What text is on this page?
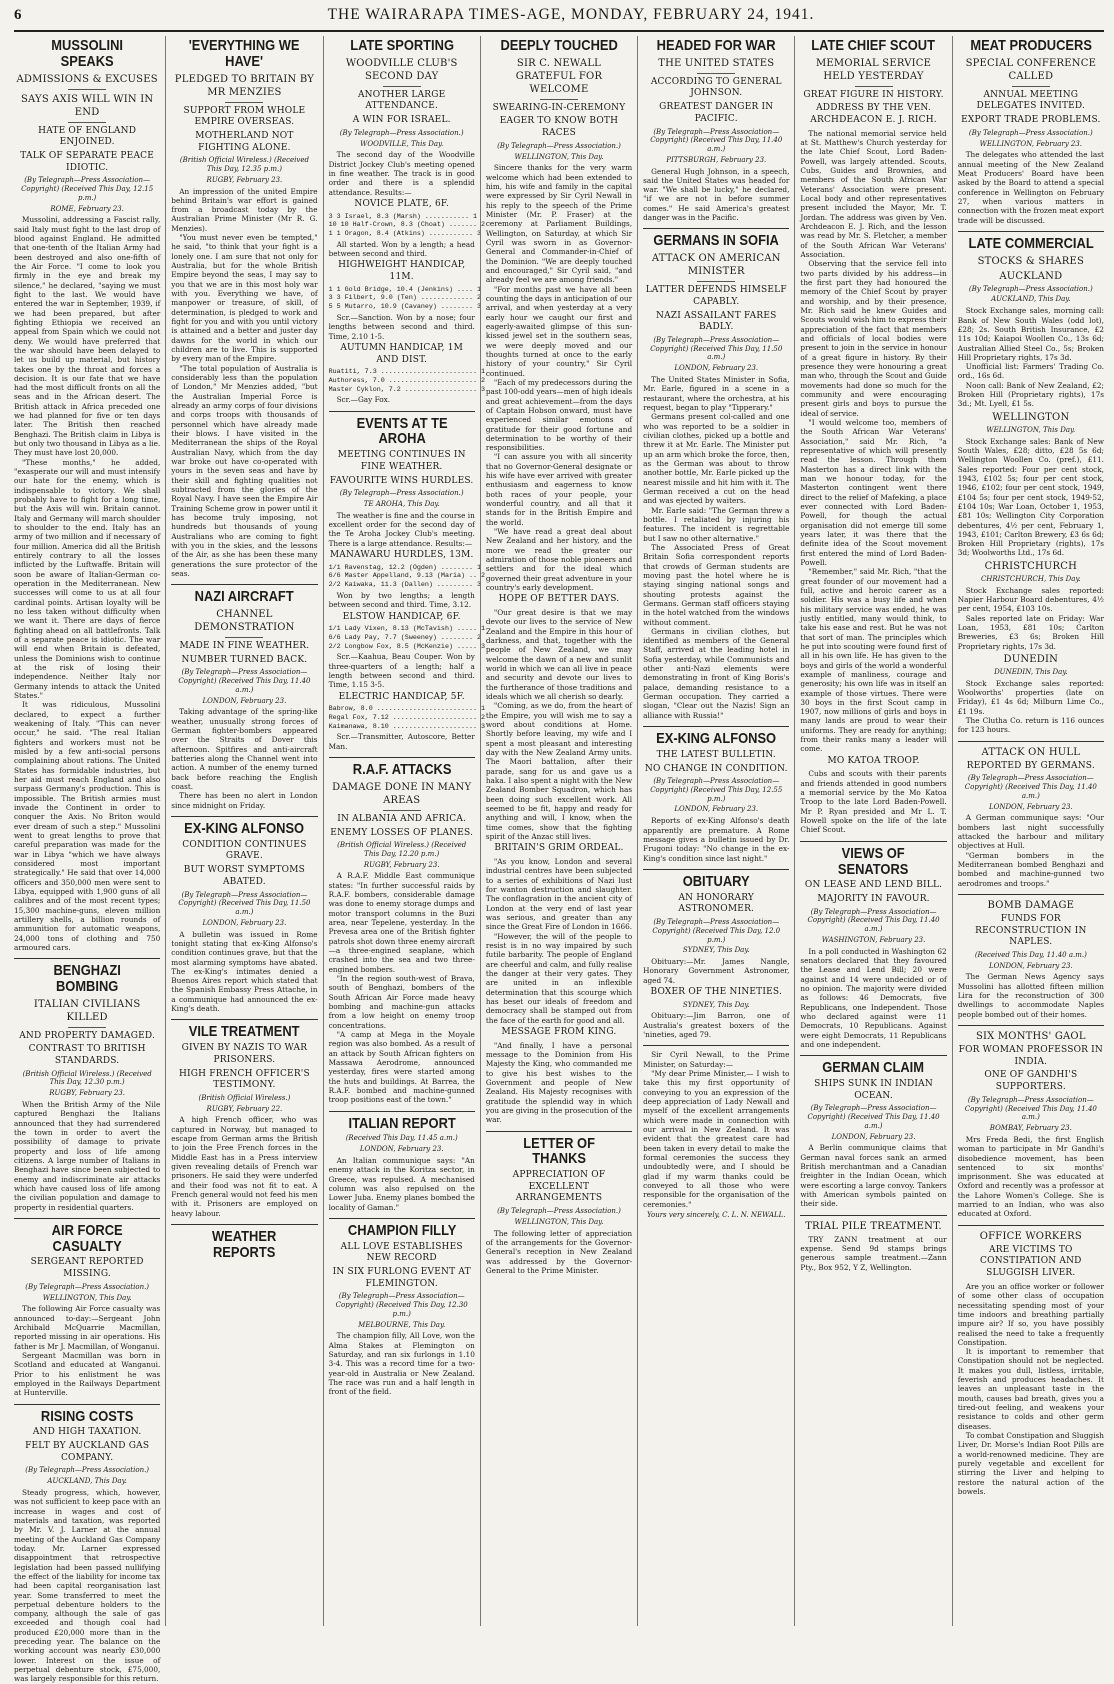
6	THE WAIRARAPA TIMES-AGE, MONDAY, FEBRUARY 24, 1941.
MUSSOLINI SPEAKS
ADMISSIONS & EXCUSES
SAYS AXIS WILL WIN IN END
HATE OF ENGLAND ENJOINED.
TALK OF SEPARATE PEACE IDIOTIC.
(By Telegraph—Press Association—Copyright) (Received This Day, 12.15 p.m.)
ROME, February 23.

Mussolini, addressing a Fascist rally, said Italy must fight to the last drop of blood against England. He admitted that one-tenth of the Italian Army had been destroyed and also one-fifth of the Air Force. "I come to look you firmly in the eye and break my silence," he declared, "saying we must fight to the last. We would have entered the war in September, 1939, if we had been prepared, but after fighting Ethiopia we received an appeal from Spain which we could not deny. We would have preferred that the war should have been delayed to let us build up material, but history takes one by the throat and forces a decision. It is our fate that we have had the most difficult fronts on all the seas and in the African desert. The British attack in Africa preceded one we had planned for five or ten days later. The British then reached Benghazi. The British claim in Libya is but only two thousand in Libya as a lie. They must have lost 20,000.

"These months," he added, "exasperate our will and must intensify our hate for the enemy, which is indispensable to victory. We shall probably have to fight for a long time, but the Axis will win. Britain cannot. Italy and Germany will march shoulder to shoulder to the end. Italy has an army of two million and if necessary of four million. America did all the British entirely contrary to all the losses inflicted by the Luftwaffe. Britain will soon be aware of Italian-German co-operation in the Mediterranean. New successes will come to us at all four cardinal points. Artisan loyalty will be no less taken without difficulty when we want it. There are days of fierce fighting ahead on all battlefronts. Talk of a separate peace is idiotic. The war will end when Britain is defeated, unless the Dominions wish to continue at the risk of losing their independence. Neither Italy nor Germany intends to attack the United States."

It was ridiculous, Mussolini declared, to expect a further weakening of Italy. "This can never occur," he said. "The real Italian fighters and workers must not be misled by a few anti-social persons complaining about rations. The United States has formidable industries, but her aid must reach England and also surpass Germany's production. This is impossible. The British armies must invade the Continent in order to conquer the Axis. No Briton would ever dream of such a step." Mussolini went to great lengths to prove that careful preparation was made for the war in Libya "which we have always considered most important strategically." He said that over 14,000 officers and 350,000 men were sent to Libya, equipped with 1,900 guns of all calibres and of the most recent types; 15,300 machine-guns, eleven million artillery shells, a billion rounds of ammunition for automatic weapons, 24,000 tons of clothing and 750 armoured cars.

BENGHAZI BOMBING
ITALIAN CIVILIANS KILLED
AND PROPERTY DAMAGED.
CONTRAST TO BRITISH STANDARDS.
(British Official Wireless.) (Received This Day, 12.30 p.m.)
RUGBY, February 23.

When the British Army of the Nile captured Benghazi the Italians announced that they had surrendered the town in order to avert the possibility of damage to private property and loss of life among citizens. A large number of Italians in Benghazi have since been subjected to enemy and indiscriminate air attacks which have caused loss of life among the civilian population and damage to property in residential quarters.

AIR FORCE CASUALTY
SERGEANT REPORTED MISSING.
(By Telegraph—Press Association.)
WELLINGTON, This Day.

The following Air Force casualty was announced to-day:—Sergeant John Archibald McQuarrie Macmillan, reported missing in air operations. His father is Mr J. Macmillan, of Wonganui.

Sergeant Macmillan was born in Scotland and educated at Wanganui. Prior to his enlistment he was employed in the Railways Department at Hunterville.

RISING COSTS
AND HIGH TAXATION.
FELT BY AUCKLAND GAS COMPANY.
(By Telegraph—Press Association.)
AUCKLAND, This Day.

Steady progress, which, however, was not sufficient to keep pace with an increase in wages and cost of materials and taxation, was reported by Mr. V. J. Larner at the annual meeting of the Auckland Gas Company today. Mr. Larner expressed disappointment that retrospective legislation had been passed nullifying the effect of the liability for income tax had been capital reorganisation last year. Some transferred to meet the perpetual debenture holders to the company, although the sale of gas exceeded and though coal had produced £20,000 more than in the preceding year. The balance on the working account was nearly £30,000 lower. Interest on the issue of perpetual debenture stock, £75,000, was largely responsible for this return.

'EVERYTHING WE HAVE'
PLEDGED TO BRITAIN BY MR MENZIES
SUPPORT FROM WHOLE EMPIRE OVERSEAS.
MOTHERLAND NOT FIGHTING ALONE.
(British Official Wireless.) (Received This Day, 12.35 p.m.)
RUGBY, February 23.

An impression of the united Empire behind Britain's war effort is gained from a broadcast today by the Australian Prime Minister (Mr R. G. Menzies).

"You must never even be tempted," he said, "to think that your fight is a lonely one. I am sure that not only for Australia, but for the whole British Empire beyond the seas, I may say to you that we are in this most holy war with you. Everything we have, of manpower or treasure, of skill, of determination, is pledged to work and fight for you and with you until victory is attained and a better and juster day dawns for the world in which our children are to live. This is supported by every man of the Empire.

"The total population of Australia is considerably less than the population of London," Mr Menzies added, "but the Australian Imperial Force is already an army corps of four divisions and corps troops with thousands of personnel which have already made their blows. I have visited in the Mediterranean the ships of the Royal Australian Navy, which from the day war broke out have co-operated with yours in the seven seas and have by their skill and fighting qualities not subtracted from the glories of the Royal Navy. I have seen the Empire Air Training Scheme grow in power until it has become truly imposing, not hundreds but thousands of young Australians who are coming to fight with you in the skies, and the lessons of the Air, as she has been these many generations the sure protector of the seas.

NAZI AIRCRAFT
CHANNEL DEMONSTRATION
MADE IN FINE WEATHER.
NUMBER TURNED BACK.
(By Telegraph—Press Association—Copyright) (Received This Day, 11.40 a.m.)
LONDON, February 23.

Taking advantage of the spring-like weather, unusually strong forces of German fighter-bombers appeared over the Straits of Dover this afternoon. Spitfires and anti-aircraft batteries along the Channel went into action. A number of the enemy turned back before reaching the English coast.

There has been no alert in London since midnight on Friday.

EX-KING ALFONSO
CONDITION CONTINUES GRAVE.
BUT WORST SYMPTOMS ABATED.
(By Telegraph—Press Association—Copyright) (Received This Day, 11.50 a.m.)
LONDON, February 23.

A bulletin was issued in Rome tonight stating that ex-King Alfonso's condition continues grave, but that the most alarming symptoms have abated. The ex-King's intimates denied a Buenos Aires report which stated that the Spanish Embassy Press Attache, in a communique had announced the ex-King's death.

VILE TREATMENT
GIVEN BY NAZIS TO WAR PRISONERS.
HIGH FRENCH OFFICER'S TESTIMONY.
(British Official Wireless.)
RUGBY, February 22.

A high French officer, who was captured in Norway, but managed to escape from German arms the British to join the Free French forces in the Middle East has in a Press interview given revealing details of French war prisoners. He said they were underfed and their food was not fit to eat. A French general would not feed his men with it. Prisoners are employed on heavy labour.

WEATHER REPORTS
LATE SPORTING
WOODVILLE CLUB'S SECOND DAY
ANOTHER LARGE ATTENDANCE.
A WIN FOR ISRAEL.
(By Telegraph—Press Association.)
WOODVILLE, This Day.

The second day of the Woodville District Jockey Club's meeting opened in fine weather. The track is in good order and there is a splendid attendance. Results:—

NOVICE PLATE, 6F.
3 3 Israel, 8.3 (Marsh) ........... 1
10 10 Half-Crown, 8.3 (Choat) ....... 2
1 1 Oragon, 8.4 (Atkins) ........... 3

All started. Won by a length; a head between second and third.

HIGHWEIGHT HANDICAP, 11M.
1 1 Gold Bridge, 10.4 (Jenkins) .... 1
3 3 Filbert, 9.0 (Ten) ............. 2
5 5 Mutarro, 10.9 (Cavaney) ........ 3

Scr.—Sanction. Won by a nose; four lengths between second and third. Time, 2.10 1-5.

AUTUMN HANDICAP, 1M AND DIST.
Ruatiti, 7.3 ........................ 1
Authoress, 7.0 ...................... 2
Master Cyklon, 7.2 .................. 3

Scr.—Gay Fox.

EVENTS AT TE AROHA
MEETING CONTINUES IN FINE WEATHER.
FAVOURITE WINS HURDLES.
(By Telegraph—Press Association.)
TE AROHA, This Day.

The weather is fine and the course in excellent order for the second day of the Te Aroha Jockey Club's meeting. There is a large attendance. Results:—

MANAWARU HURDLES, 13M.
1/1 Ravenstag, 12.2 (Ogden) ........ 1
6/6 Master Appelland, 9.13 (Maria) .. 2
2/2 Kaiwaka, 11.3 (Dallen) ......... 3

Won by two lengths; a length between second and third. Time, 3.12.

ELSTOW HANDICAP, 6F.
1/1 Lady Vixen, 8.13 (McTavish) ..... 1
6/6 Lady Pay, 7.7 (Sweeney) ........ 2
2/2 Longbow Fox, 8.5 (McKenzie) ..... 3

Scr.—Kaahua, Beau Couper. Won by three-quarters of a length; half a length between second and third. Time, 1.15 3-5.

ELECTRIC HANDICAP, 5F.
Babrow, 8.0 ......................... 1
Regal Fox, 7.12 ..................... 2
Kaimanawa, 8.10 ..................... 3

Scr.—Transmitter, Autoscore, Better Man.

R.A.F. ATTACKS
DAMAGE DONE IN MANY AREAS
IN ALBANIA AND AFRICA.
ENEMY LOSSES OF PLANES.
(British Official Wireless.) (Received This Day, 12.20 p.m.)
RUGBY, February 23.

A R.A.F. Middle East communique states: "In further successful raids by R.A.F. bombers, considerable damage was done to enemy storage dumps and motor transport columns in the Buzi area, near Tepelene, yesterday. In the Prevesa area one of the British fighter patrols shot down three enemy aircraft—a three-engined seaplane, which crashed into the sea and two three-engined bombers.

"In the region south-west of Brava, south of Benghazi, bombers of the South African Air Force made heavy bombing and machine-gun attacks from a low height on enemy troop concentrations.

"A camp at Mega in the Moyale region was also bombed. As a result of an attack by South African fighters on Massawa Aerodrome, announced yesterday, fires were started among the huts and buildings. At Barrea, the R.A.F. bombed and machine-gunned troop positions east of the town."

ITALIAN REPORT
(Received This Day, 11.45 a.m.)
LONDON, February 23.

An Italian communique says: "An enemy attack in the Koritza sector, in Greece, was repulsed. A mechanised column was also repulsed on the Lower Juba. Enemy planes bombed the locality of Gaman."

CHAMPION FILLY
ALL LOVE ESTABLISHES NEW RECORD
IN SIX FURLONG EVENT AT FLEMINGTON.
(By Telegraph—Press Association—Copyright) (Received This Day, 12.30 p.m.)
MELBOURNE, This Day.

The champion filly, All Love, won the Alma Stakes at Flemington on Saturday, and ran six furlongs in 1.10 3-4. This was a record time for a two-year-old in Australia or New Zealand. The race was run and a half length in front of the field.

DEEPLY TOUCHED
SIR C. NEWALL GRATEFUL FOR WELCOME
SWEARING-IN-CEREMONY
EAGER TO KNOW BOTH RACES
(By Telegraph—Press Association.)
WELLINGTON, This Day.

Sincere thanks for the very warm welcome which had been extended to him, his wife and family in the capital were expressed by Sir Cyril Newall in his reply to the speech of the Prime Minister (Mr. P. Fraser) at the ceremony at Parliament Buildings, Wellington, on Saturday, at which Sir Cyril was sworn in as Governor-General and Commander-in-Chief of the Dominion. "We are deeply touched and encouraged," Sir Cyril said, "and already feel we are among friends."

"For months past we have all been counting the days in anticipation of our arrival, and when yesterday at a very early hour we caught our first and eagerly-awaited glimpse of this sun-kissed jewel set in the southern seas, we were deeply moved and our thoughts turned at once to the early history of your country," Sir Cyril continued.

"Each of my predecessors during the past 100-odd years—men of high ideals and great achievement—from the days of Captain Hobson onward, must have experienced similar emotions of gratitude for their good fortune and determination to be worthy of their responsibilities.

"I can assure you with all sincerity that no Governor-General designate or his wife have ever arrived with greater enthusiasm and eagerness to know both races of your people, your wonderful country, and all that it stands for in the British Empire and the world.

"We have read a great deal about New Zealand and her history, and the more we read the greater our admiration of those noble pioneers and settlers and for the ideal which governed their great adventure in your country's early development.

HOPE OF BETTER DAYS.

"Our great desire is that we may devote our lives to the service of New Zealand and the Empire in this hour of darkness, and that, together with the people of New Zealand, we may welcome the dawn of a new and sunlit world in which we can all live in peace and security and devote our lives to the furtherance of those traditions and ideals which we all cherish so dearly.

"Coming, as we do, from the heart of the Empire, you will wish me to say a word about conditions at Home. Shortly before leaving, my wife and I spent a most pleasant and interesting day with the New Zealand Army units. The Maori battalion, after their parade, sang for us and gave us a haka. I also spent a night with the New Zealand Bomber Squadron, which has been doing such excellent work. All seemed to be fit, happy and ready for anything and will, I know, when the time comes, show that the fighting spirit of the Anzac still lives.

BRITAIN'S GRIM ORDEAL.

"As you know, London and several industrial centres have been subjected to a series of exhibitions of Nazi lust for wanton destruction and slaughter. The conflagration in the ancient city of London at the very end of last year was serious, and greater than any since the Great Fire of London in 1666.

"However, the will of the people to resist is in no way impaired by such futile barbarity. The people of England are cheerful and calm, and fully realise the danger at their very gates. They are united in an inflexible determination that this scourge which has beset our ideals of freedom and democracy shall be stamped out from the face of the earth for good and all.

MESSAGE FROM KING.

"And finally, I have a personal message to the Dominion from His Majesty the King, who commanded me to give his best wishes to the Government and people of New Zealand. His Majesty recognises with gratitude the splendid way in which you are giving in the prosecution of the war.

LETTER OF THANKS
APPRECIATION OF EXCELLENT ARRANGEMENTS
(By Telegraph—Press Association.)
WELLINGTON, This Day.

The following letter of appreciation of the arrangements for the Governor-General's reception in New Zealand was addressed by the Governor-General to the Prime Minister.

HEADED FOR WAR
THE UNITED STATES
ACCORDING TO GENERAL JOHNSON.
GREATEST DANGER IN PACIFIC.
(By Telegraph—Press Association—Copyright) (Received This Day, 11.40 a.m.)
PITTSBURGH, February 23.

General Hugh Johnson, in a speech, said the United States was headed for war. "We shall be lucky," he declared, "if we are not in before summer comes." He said America's greatest danger was in the Pacific.

GERMANS IN SOFIA
ATTACK ON AMERICAN MINISTER
LATTER DEFENDS HIMSELF CAPABLY.
NAZI ASSAILANT FARES BADLY.
(By Telegraph—Press Association—Copyright) (Received This Day, 11.50 a.m.)
LONDON, February 23.

The United States Minister in Sofia, Mr. Earle, figured in a scene in a restaurant, where the orchestra, at his request, began to play "Tipperary."

Germans present col-called and one who was reported to be a soldier in civilian clothes, picked up a bottle and threw it at Mr. Earle. The Minister put up an arm which broke the force, then, as the German was about to throw another bottle, Mr. Earle picked up the nearest missile and hit him with it. The German received a cut on the head and was ejected by waiters.

Mr. Earle said: "The German threw a bottle. I retaliated by injuring his features. The incident is regrettable but I saw no other alternative."

The Associated Press of Great Britain Sofia correspondent reports that crowds of German students are moving past the hotel where he is staying singing national songs and shouting protests against the Germans. German staff officers staying in the hotel watched from the windows without comment.

Germans in civilian clothes, but identified as members of the General Staff, arrived at the leading hotel in Sofia yesterday, while Communists and other anti-Nazi elements were demonstrating in front of King Boris's palace, demanding resistance to a German occupation. They carried a slogan, "Clear out the Nazis! Sign an alliance with Russia!"

EX-KING ALFONSO
THE LATEST BULLETIN.
NO CHANGE IN CONDITION.
(By Telegraph—Press Association—Copyright) (Received This Day, 12.55 p.m.)
LONDON, February 23.

Reports of ex-King Alfonso's death apparently are premature. A Rome message gives a bulletin issued by Dr. Frugoni today: "No change in the ex-King's condition since last night."

OBITUARY
AN HONORARY ASTRONOMER.
(By Telegraph—Press Association—Copyright) (Received This Day, 12.0 p.m.)
SYDNEY, This Day.

Obituary:—Mr. James Nangle, Honorary Government Astronomer, aged 74.

BOXER OF THE NINETIES.
SYDNEY, This Day.

Obituary:—Jim Barron, one of Australia's greatest boxers of the 'nineties, aged 79.

Sir Cyril Newall, to the Prime Minister, on Saturday:—

"My dear Prime Minister,— I wish to take this my first opportunity of conveying to you an expression of the deep appreciation of Lady Newall and myself of the excellent arrangements which were made in connection with our arrival in New Zealand. It was evident that the greatest care had been taken in every detail to make the formal ceremonies the success they undoubtedly were, and I should be glad if my warm thanks could be conveyed to all those who were responsible for the organisation of the ceremonies."

Yours very sincerely, C. L. N. NEWALL.
LATE CHIEF SCOUT
MEMORIAL SERVICE HELD YESTERDAY
GREAT FIGURE IN HISTORY.
ADDRESS BY THE VEN. ARCHDEACON E. J. RICH.

The national memorial service held at St. Matthew's Church yesterday for the late Chief Scout, Lord Baden-Powell, was largely attended. Scouts, Cubs, Guides and Brownies, and members of the South African War Veterans' Association were present. Local body and other representatives present included the Mayor, Mr. T. Jordan. The address was given by Ven. Archdeacon E. J. Rich, and the lesson was read by Mr. S. Fletcher, a member of the South African War Veterans' Association.

Observing that the service fell into two parts divided by his address—in the first part they had honoured the memory of the Chief Scout by prayer and worship, and by their presence, Mr. Rich said he knew Guides and Scouts would wish him to express their appreciation of the fact that members and officials of local bodies were present to join in the service in honour of a great figure in history. By their presence they were honouring a great man who, through the Scout and Guide movements had done so much for the community and were encouraging present girls and boys to pursue the ideal of service.

"I would welcome too, members of the South African War Veterans' Association," said Mr. Rich, "a representative of which will presently read the lesson. Through them Masterton has a direct link with the man we honour today, for the Masterton contingent went there direct to the relief of Mafeking, a place ever connected with Lord Baden-Powell, for though the actual organisation did not emerge till some years later, it was there that the definite idea of the Scout movement first entered the mind of Lord Baden-Powell.

"Remember," said Mr. Rich, "that the great founder of our movement had a full, active and heroic career as a soldier. His was a busy life and when his military service was ended, he was justly entitled, many would think, to take his ease and rest. But he was not that sort of man. The principles which he put into scouting were found first of all in his own life. He has given to the boys and girls of the world a wonderful example of manliness, courage and generosity; his own life was in itself an example of those virtues. There were 30 boys in the first Scout camp in 1907, now millions of girls and boys in many lands are proud to wear their uniforms. They are ready for anything; from their ranks many a leader will come.

MO KATOA TROOP.

Cubs and scouts with their parents and friends attended in good numbers a memorial service by the Mo Katoa Troop to the late Lord Baden-Powell. Mr P. Ryan presided and Mr L. T. Howell spoke on the life of the late Chief Scout.

VIEWS OF SENATORS
ON LEASE AND LEND BILL.
MAJORITY IN FAVOUR.
(By Telegraph—Press Association—Copyright) (Received This Day, 11.40 a.m.)
WASHINGTON, February 23.

In a poll conducted in Washington 62 senators declared that they favoured the Lease and Lend Bill; 20 were against and 14 were undecided or of no opinion. The majority were divided as follows: 46 Democrats, five Republicans, one Independent. Those who declared against were 11 Democrats, 10 Republicans. Against were eight Democrats, 11 Republicans and one independent.

GERMAN CLAIM
SHIPS SUNK IN INDIAN OCEAN.
(By Telegraph—Press Association—Copyright) (Received This Day, 11.40 a.m.)
LONDON, February 23.

A Berlin communique claims that German naval forces sank an armed British merchantman and a Canadian freighter in the Indian Ocean, which were escorting a large convoy. Tankers with American symbols painted on their side.

TRIAL PILE TREATMENT.

TRY ZANN treatment at our expense. Send 9d stamps brings generous sample treatment.—Zann Pty., Box 952, Y Z, Wellington.

MEAT PRODUCERS
SPECIAL CONFERENCE CALLED
ANNUAL MEETING DELEGATES INVITED.
EXPORT TRADE PROBLEMS.
(By Telegraph—Press Association.)
WELLINGTON, February 23.

The delegates who attended the last annual meeting of the New Zealand Meat Producers' Board have been asked by the Board to attend a special conference in Wellington on February 27, when various matters in connection with the frozen meat export trade will be discussed.

LATE COMMERCIAL
STOCKS & SHARES
AUCKLAND
(By Telegraph—Press Association.)
AUCKLAND, This Day.

Stock Exchange sales, morning call: Bank of New South Wales (odd lot), £28; 2s. South British Insurance, £2 11s 10d; Kaiapoi Woollen Co., 13s 6d; Australian Allied Steel Co., 5s; Broken Hill Proprietary rights, 17s 3d.

Unofficial list: Farmers' Trading Co. ord., 16s 6d.

Noon call: Bank of New Zealand, £2; Broken Hill (Proprietary rights), 17s 3d.; Mt. Lyell, £1 5s.

WELLINGTON
WELLINGTON, This Day.

Stock Exchange sales: Bank of New South Wales, £28; ditto, £28 5s 6d; Wellington Woollen Co. (pref.), £11. Sales reported: Four per cent stock, 1943, £102 5s; four per cent stock, 1946, £102; four per cent stock, 1949, £104 5s; four per cent stock, 1949-52, £104 10s; War Loan, October 1, 1953, £81 10s; Wellington City Corporation debentures, 4½ per cent, February 1, 1943, £101; Carlton Brewery, £3 6s 6d; Broken Hill Proprietary (rights), 17s 3d; Woolworths Ltd., 17s 6d.

CHRISTCHURCH
CHRISTCHURCH, This Day.

Stock Exchange sales reported: Napier Harbour Board debentures, 4½ per cent, 1954, £103 10s.

Sales reported late on Friday: War Loan, 1953, £81 10s; Carlton Breweries, £3 6s; Broken Hill Proprietary rights, 17s 3d.

DUNEDIN
DUNEDIN, This Day.

Stock Exchange sales reported: Woolworths' properties (late on Friday), £1 4s 6d; Milburn Lime Co., £1 19s.

The Clutha Co. return is 116 ounces for 123 hours.

ATTACK ON HULL
REPORTED BY GERMANS.
(By Telegraph—Press Association—Copyright) (Received This Day, 11.40 a.m.)
LONDON, February 23.

A German communique says: "Our bombers last night successfully attacked the harbour and military objectives at Hull.

"German bombers in the Mediterranean bombed Benghazi and bombed and machine-gunned two aerodromes and troops."

BOMB DAMAGE
FUNDS FOR RECONSTRUCTION IN NAPLES.
(Received This Day, 11.40 a.m.)
LONDON, February 23.

The German News Agency says Mussolini has allotted fifteen million Lira for the reconstruction of 300 dwellings to accommodate Naples people bombed out of their homes.

SIX MONTHS' GAOL
FOR WOMAN PROFESSOR IN INDIA.
ONE OF GANDHI'S SUPPORTERS.
(By Telegraph—Press Association—Copyright) (Received This Day, 11.40 a.m.)
BOMBAY, February 23.

Mrs Freda Bedi, the first English woman to participate in Mr Gandhi's disobedience movement, has been sentenced to six months' imprisonment. She was educated at Oxford and recently was a professor at the Lahore Women's College. She is married to an Indian, who was also educated at Oxford.

OFFICE WORKERS
ARE VICTIMS TO CONSTIPATION AND SLUGGISH LIVER.

Are you an office worker or follower of some other class of occupation necessitating spending most of your time indoors and breathing partially impure air? If so, you have possibly realised the need to take a frequently Constipation.

It is important to remember that Constipation should not be neglected. It makes you dull, listless, irritable, feverish and produces headaches. It leaves an unpleasant taste in the mouth, causes bad breath, gives you a tired-out feeling, and weakens your resistance to colds and other germ diseases.

To combat Constipation and Sluggish Liver, Dr. Morse's Indian Root Pills are a world-renowned medicine. They are purely vegetable and excellent for stirring the Liver and helping to restore the natural action of the bowels.
